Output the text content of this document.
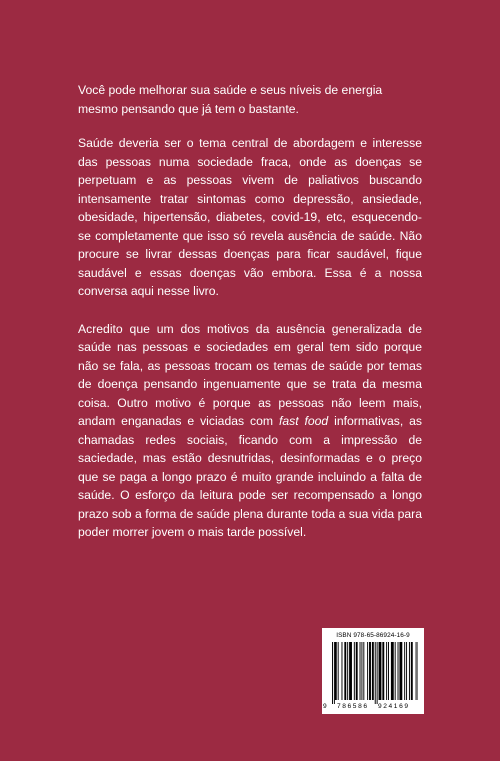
Você pode melhorar sua saúde e seus níveis de energia mesmo pensando que já tem o bastante.

Saúde deveria ser o tema central de abordagem e interesse das pessoas numa sociedade fraca, onde as doenças se perpetuam e as pessoas vivem de paliativos buscando intensamente tratar sintomas como depressão, ansiedade, obesidade, hipertensão, diabetes, covid-19, etc, esquecendo-se completamente que isso só revela ausência de saúde. Não procure se livrar dessas doenças para ficar saudável, fique saudável e essas doenças vão embora. Essa é a nossa conversa aqui nesse livro.

Acredito que um dos motivos da ausência generalizada de saúde nas pessoas e sociedades em geral tem sido porque não se fala, as pessoas trocam os temas de saúde por temas de doença pensando ingenuamente que se trata da mesma coisa. Outro motivo é porque as pessoas não leem mais, andam enganadas e viciadas com fast food informativas, as chamadas redes sociais, ficando com a impressão de saciedade, mas estão desnutridas, desinformadas e o preço que se paga a longo prazo é muito grande incluindo a falta de saúde. O esforço da leitura pode ser recompensado a longo prazo sob a forma de saúde plena durante toda a sua vida para poder morrer jovem o mais tarde possível.

ISBN 978-65-86924-16-9
9 786586 924169
